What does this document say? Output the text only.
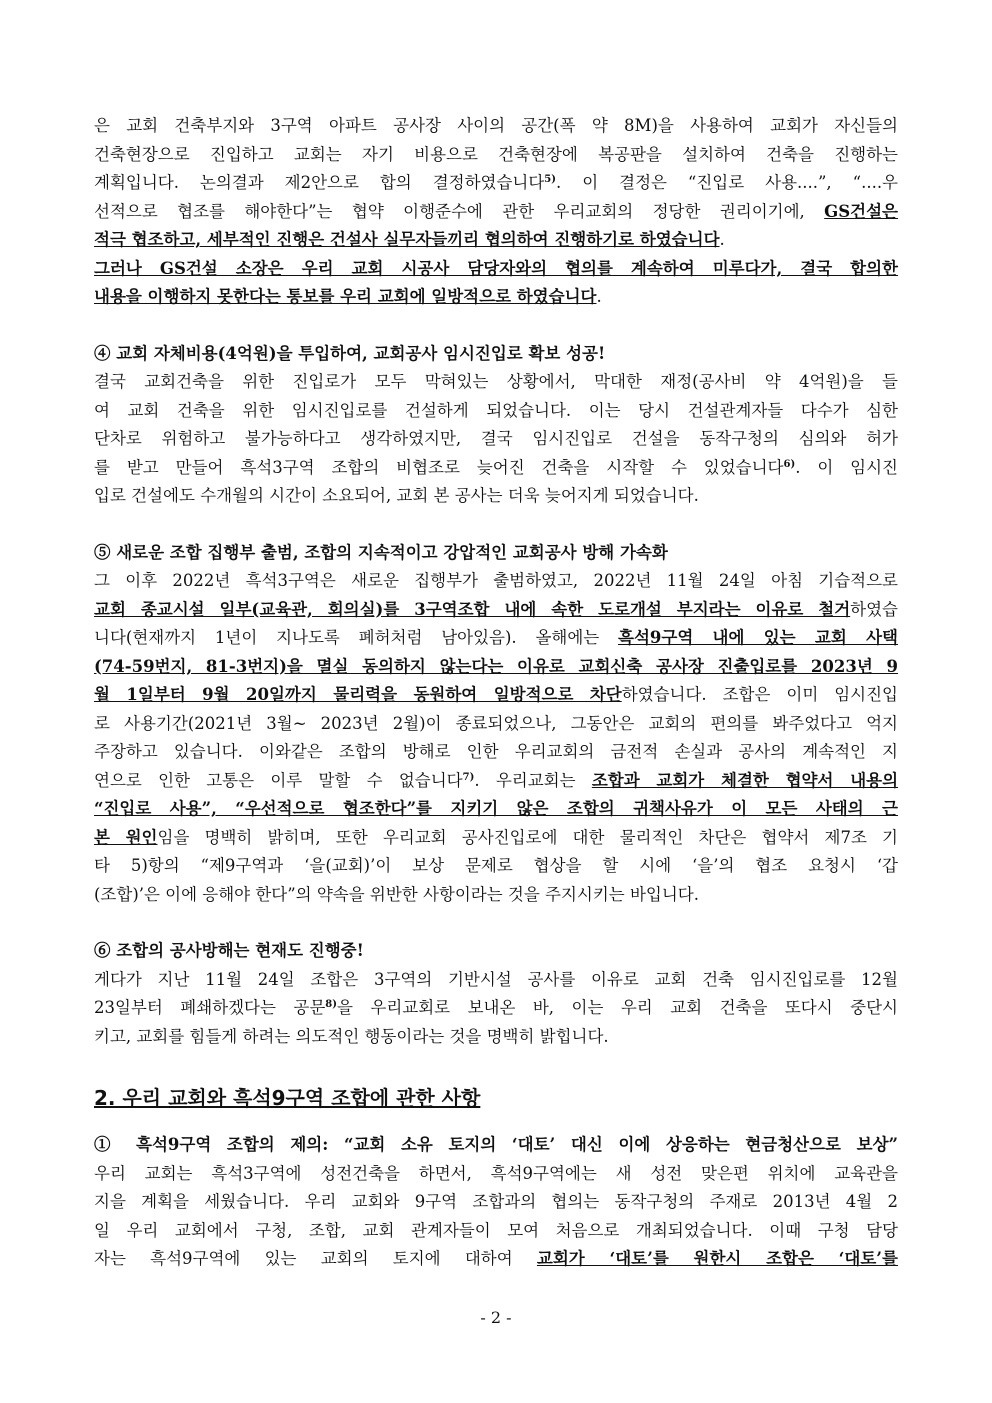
은 교회 건축부지와 3구역 아파트 공사장 사이의 공간(폭 약 8M)을 사용하여 교회가 자신들의

건축현장으로 진입하고 교회는 자기 비용으로 건축현장에 복공판을 설치하여 건축을 진행하는

계획입니다. 논의결과 제2안으로 합의 결정하였습니다$^{5)}$. 이 결정은 “진입로 사용....”, “....우

선적으로 협조를 해야한다”는 협약 이행준수에 관한 우리교회의 정당한 권리이기에, GS건설은

적극 협조하고, 세부적인 진행은 건설사 실무자들끼리 협의하여 진행하기로 하였습니다.

그러나 GS건설 소장은 우리 교회 시공사 담당자와의 협의를 계속하여 미루다가, 결국 합의한

내용을 이행하지 못한다는 통보를 우리 교회에 일방적으로 하였습니다.

④ 교회 자체비용(4억원)을 투입하여, 교회공사 임시진입로 확보 성공!

결국 교회건축을 위한 진입로가 모두 막혀있는 상황에서, 막대한 재정(공사비 약 4억원)을 들

여 교회 건축을 위한 임시진입로를 건설하게 되었습니다. 이는 당시 건설관계자들 다수가 심한

단차로 위험하고 불가능하다고 생각하였지만, 결국 임시진입로 건설을 동작구청의 심의와 허가

를 받고 만들어 흑석3구역 조합의 비협조로 늦어진 건축을 시작할 수 있었습니다$^{6)}$. 이 임시진

입로 건설에도 수개월의 시간이 소요되어, 교회 본 공사는 더욱 늦어지게 되었습니다.

⑤ 새로운 조합 집행부 출범, 조합의 지속적이고 강압적인 교회공사 방해 가속화

그 이후 2022년 흑석3구역은 새로운 집행부가 출범하였고, 2022년 11월 24일 아침 기습적으로

교회 종교시설 일부(교육관, 회의실)를 3구역조합 내에 속한 도로개설 부지라는 이유로 철거하였습

니다(현재까지 1년이 지나도록 폐허처럼 남아있음). 올해에는 흑석9구역 내에 있는 교회 사택

(74-59번지, 81-3번지)을 멸실 동의하지 않는다는 이유로 교회신축 공사장 진출입로를 2023년 9

월 1일부터 9월 20일까지 물리력을 동원하여 일방적으로 차단하였습니다. 조합은 이미 임시진입

로 사용기간(2021년 3월~ 2023년 2월)이 종료되었으나, 그동안은 교회의 편의를 봐주었다고 억지

주장하고 있습니다. 이와같은 조합의 방해로 인한 우리교회의 금전적 손실과 공사의 계속적인 지

연으로 인한 고통은 이루 말할 수 없습니다$^{7)}$. 우리교회는 조합과 교회가 체결한 협약서 내용의

“진입로 사용”, “우선적으로 협조한다”를 지키기 않은 조합의 귀책사유가 이 모든 사태의 근

본 원인임을 명백히 밝히며, 또한 우리교회 공사진입로에 대한 물리적인 차단은 협약서 제7조 기

타 5)항의 “제9구역과 ‘을(교회)’이 보상 문제로 협상을 할 시에 ‘을’의 협조 요청시 ‘갑

(조합)’은 이에 응해야 한다”의 약속을 위반한 사항이라는 것을 주지시키는 바입니다.

⑥ 조합의 공사방해는 현재도 진행중!

게다가 지난 11월 24일 조합은 3구역의 기반시설 공사를 이유로 교회 건축 임시진입로를 12월

23일부터 폐쇄하겠다는 공문$^{8)}$을 우리교회로 보내온 바, 이는 우리 교회 건축을 또다시 중단시

키고, 교회를 힘들게 하려는 의도적인 행동이라는 것을 명백히 밝힙니다.

2. 우리 교회와 흑석9구역 조합에 관한 사항

① 흑석9구역 조합의 제의: “교회 소유 토지의 ‘대토’ 대신 이에 상응하는 현금청산으로 보상”

우리 교회는 흑석3구역에 성전건축을 하면서, 흑석9구역에는 새 성전 맞은편 위치에 교육관을

지을 계획을 세웠습니다. 우리 교회와 9구역 조합과의 협의는 동작구청의 주재로 2013년 4월 2

일 우리 교회에서 구청, 조합, 교회 관계자들이 모여 처음으로 개최되었습니다. 이때 구청 담당

자는 흑석9구역에 있는 교회의 토지에 대하여 교회가 ‘대토’를 원한시 조합은 ‘대토’를

- 2 -
